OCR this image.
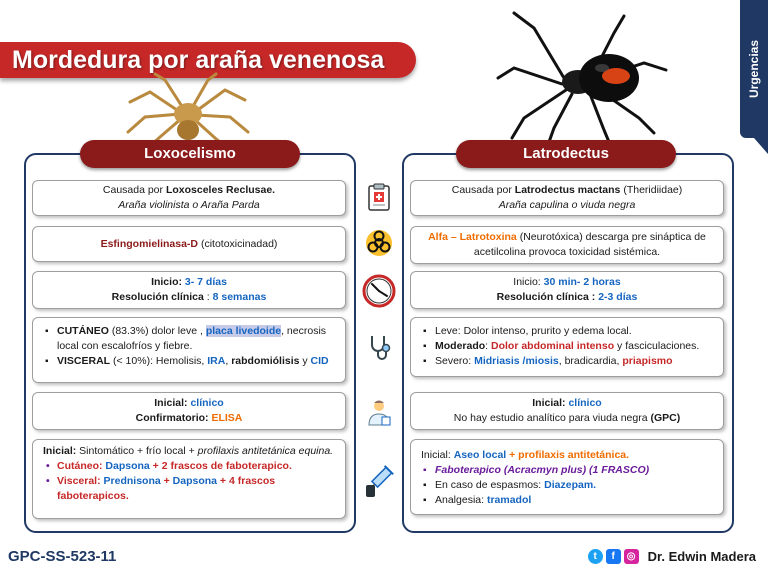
Mordedura por araña venenosa	Urgencias
Loxocelismo	Latrodectus
Causada por Loxosceles Reclusae.
Araña violinista o Araña Parda
Esfingomielinasa-D (citotoxicinadad)
Inicio: 3- 7 días
Resolución clínica : 8 semanas
▪ CUTÁNEO (83.3%) dolor leve , placa livedoide, necrosis local con escalofríos y fiebre.
▪ VISCERAL (< 10%): Hemolisis, IRA, rabdomiólisis y CID
Inicial: clínico
Confirmatorio: ELISA
Inicial: Sintomático + frío local + profilaxis antitetánica equina.
• Cutáneo: Dapsona + 2 frascos de faboterapico.
• Visceral: Prednisona + Dapsona + 4 frascos faboterapicos.
Causada por Latrodectus mactans (Theridiidae)
Araña capulina o viuda negra
Alfa – Latrotoxina (Neurotóxica) descarga pre sináptica de acetilcolina provoca toxicidad sistémica.
Inicio: 30 min- 2 horas
Resolución clínica : 2-3 días
▪ Leve: Dolor intenso, prurito y edema local.
▪ Moderado: Dolor abdominal intenso y fasciculaciones.
▪ Severo: Midriasis /miosis, bradicardia, priapismo
Inicial: clínico
No hay estudio analítico para viuda negra (GPC)
Inicial: Aseo local + profilaxis antitetánica.
▪ Faboterapico (Acracmyn plus) (1 FRASCO)
▪ En caso de espasmos: Diazepam.
▪ Analgesia: tramadol
GPC-SS-523-11	t	f	◎ Dr. Edwin Madera
